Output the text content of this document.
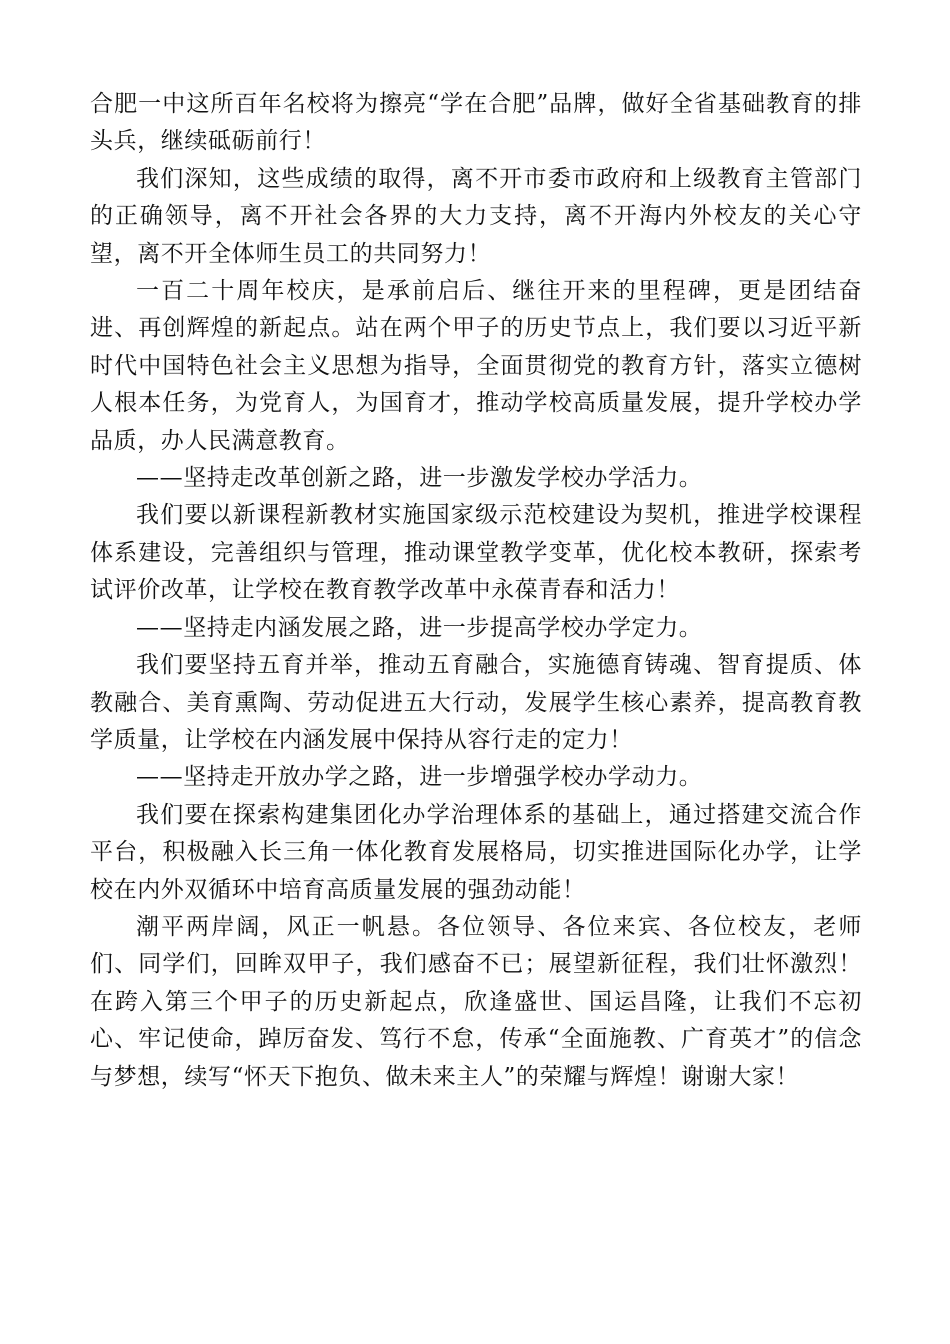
合肥一中这所百年名校将为擦亮“学在合肥”品牌，做好全省基础教育的排头兵，继续砥砺前行！

我们深知，这些成绩的取得，离不开市委市政府和上级教育主管部门的正确领导，离不开社会各界的大力支持，离不开海内外校友的关心守望，离不开全体师生员工的共同努力！

一百二十周年校庆，是承前启后、继往开来的里程碑，更是团结奋进、再创辉煌的新起点。站在两个甲子的历史节点上，我们要以习近平新时代中国特色社会主义思想为指导，全面贯彻党的教育方针，落实立德树人根本任务，为党育人，为国育才，推动学校高质量发展，提升学校办学品质，办人民满意教育。

——坚持走改革创新之路，进一步激发学校办学活力。

我们要以新课程新教材实施国家级示范校建设为契机，推进学校课程体系建设，完善组织与管理，推动课堂教学变革，优化校本教研，探索考试评价改革，让学校在教育教学改革中永葆青春和活力！

——坚持走内涵发展之路，进一步提高学校办学定力。

我们要坚持五育并举，推动五育融合，实施德育铸魂、智育提质、体教融合、美育熏陶、劳动促进五大行动，发展学生核心素养，提高教育教学质量，让学校在内涵发展中保持从容行走的定力！

——坚持走开放办学之路，进一步增强学校办学动力。

我们要在探索构建集团化办学治理体系的基础上，通过搭建交流合作平台，积极融入长三角一体化教育发展格局，切实推进国际化办学，让学校在内外双循环中培育高质量发展的强劲动能！

潮平两岸阔，风正一帆悬。各位领导、各位来宾、各位校友，老师们、同学们，回眸双甲子，我们感奋不已；展望新征程，我们壮怀激烈！在跨入第三个甲子的历史新起点，欣逢盛世、国运昌隆，让我们不忘初心、牢记使命，踔厉奋发、笃行不怠，传承“全面施教、广育英才”的信念与梦想，续写“怀天下抱负、做未来主人”的荣耀与辉煌！谢谢大家！
